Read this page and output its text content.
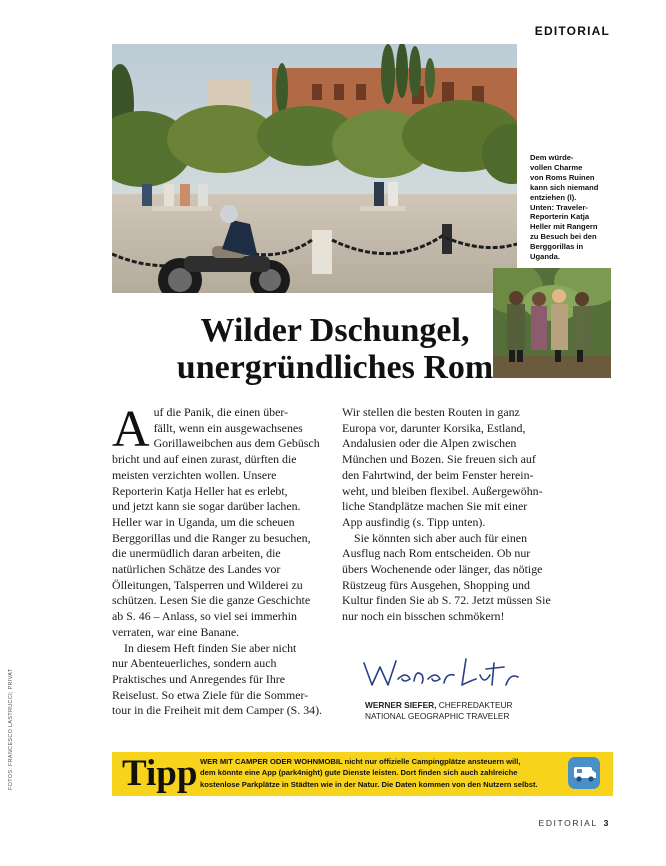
EDITORIAL
Dem würde-
vollen Charme
von Roms Ruinen
kann sich niemand
entziehen (l).
Unten: Traveler-
Reporterin Katja
Heller mit Rangern
zu Besuch bei den
Berggorillas in
Uganda.
Wilder Dschungel,
unergründliches Rom

Auf die Panik, die einen über-
fällt, wenn ein ausgewachsenes
Gorillaweibchen aus dem Gebüsch
bricht und auf einen zurast, dürften die
meisten verzichten wollen. Unsere
Reporterin Katja Heller hat es erlebt,
und jetzt kann sie sogar darüber lachen.
Heller war in Uganda, um die scheuen
Berggorillas und die Ranger zu besuchen,
die unermüdlich daran arbeiten, die
natürlichen Schätze des Landes vor
Ölleitungen, Talsperren und Wilderei zu
schützen. Lesen Sie die ganze Geschichte
ab S. 46 – Anlass, so viel sei immerhin
verraten, war eine Banane.

In diesem Heft finden Sie aber nicht
nur Abenteuerliches, sondern auch
Praktisches und Anregendes für Ihre
Reiselust. So etwa Ziele für die Sommer-
tour in die Freiheit mit dem Camper (S. 34).

Wir stellen die besten Routen in ganz
Europa vor, darunter Korsika, Estland,
Andalusien oder die Alpen zwischen
München und Bozen. Sie freuen sich auf
den Fahrtwind, der beim Fenster herein-
weht, und bleiben flexibel. Außergewöhn-
liche Standplätze machen Sie mit einer
App ausfindig (s. Tipp unten).

Sie könnten sich aber auch für einen
Ausflug nach Rom entscheiden. Ob nur
übers Wochenende oder länger, das nötige
Rüstzeug fürs Ausgehen, Shopping und
Kultur finden Sie ab S. 72. Jetzt müssen Sie
nur noch ein bisschen schmökern!

WERNER SIEFER, CHEFREDAKTEUR
NATIONAL GEOGRAPHIC TRAVELER
FOTOS: FRANCESCO LASTRUCCI; PRIVAT	Tipp WER MIT CAMPER ODER WOHNMOBIL nicht nur offizielle Campingplätze ansteuern will,
dem könnte eine App (park4night) gute Dienste leisten. Dort finden sich auch zahlreiche
kostenlose Parkplätze in Städten wie in der Natur. Die Daten kommen von den Nutzern selbst.
EDITORIAL 3
